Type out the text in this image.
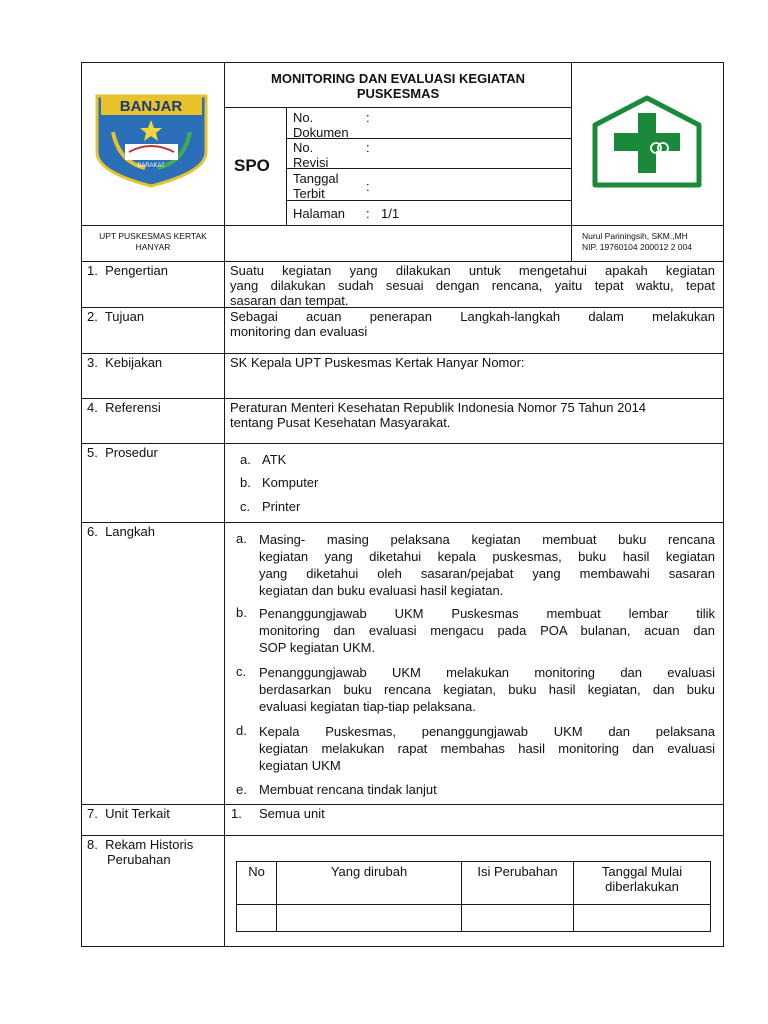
BANJAR
BARAKAT
MONITORING DAN EVALUASI KEGIATAN
PUSKESMAS
SPO
No.
Dokumen
:
No.
Revisi
:
Tanggal
Terbit	:
Halaman : 1/1
UPT PUSKESMAS KERTAK
HANYAR
Nurul Pariningsih, SKM.,MH
NIP. 19760104 200012 2 004
1.  Pengertian	Suatu kegiatan yang dilakukan untuk mengetahui apakah kegiatan
yang dilakukan sudah sesuai dengan rencana, yaitu tepat waktu, tepat
sasaran dan tempat.
2.  Tujuan	Sebagai acuan penerapan Langkah-langkah dalam melakukan
monitoring dan evaluasi
3.  Kebijakan	SK Kepala UPT Puskesmas Kertak Hanyar Nomor:
4.  Referensi	Peraturan Menteri Kesehatan Republik Indonesia Nomor 75 Tahun 2014
tentang Pusat Kesehatan Masyarakat.
5.  Prosedur	a. ATK
b. Komputer
c. Printer
6.  Langkah	a. Masing- masing pelaksana kegiatan membuat buku rencana
kegiatan yang diketahui kepala puskesmas, buku hasil kegiatan
yang diketahui oleh sasaran/pejabat yang membawahi sasaran
kegiatan dan buku evaluasi hasil kegiatan.
b. Penanggungjawab UKM Puskesmas membuat lembar tilik
monitoring dan evaluasi mengacu pada POA bulanan, acuan dan
SOP kegiatan UKM.
c. Penanggungjawab UKM melakukan monitoring dan evaluasi
berdasarkan buku rencana kegiatan, buku hasil kegiatan, dan buku
evaluasi kegiatan tiap-tiap pelaksana.
d. Kepala Puskesmas, penanggungjawab UKM dan pelaksana
kegiatan melakukan rapat membahas hasil monitoring dan evaluasi
kegiatan UKM
e. Membuat rencana tindak lanjut
7.  Unit Terkait	1. Semua unit
8.  Rekam Historis
Perubahan
No	Yang dirubah	Isi Perubahan	Tanggal Mulai
diberlakukan
